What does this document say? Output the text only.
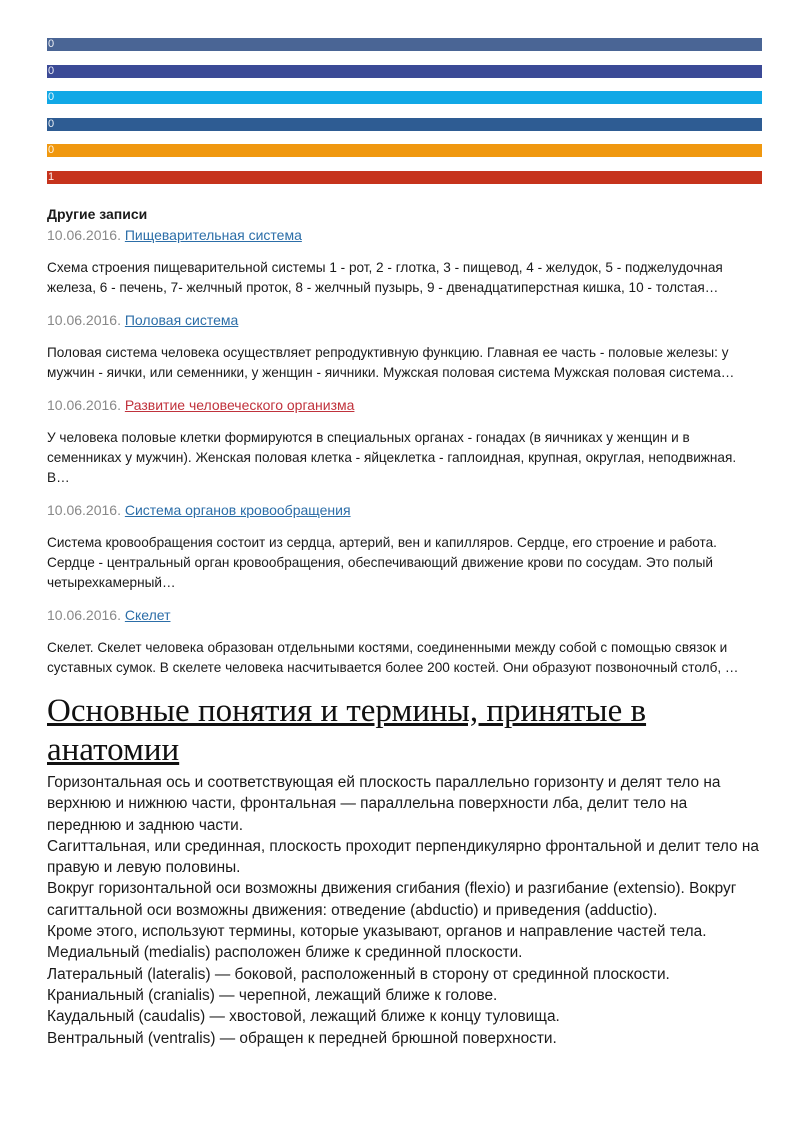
0
0
0
0
0
1
Другие записи
10.06.2016. Пищеварительная система
Схема строения пищеварительной системы 1 - рот, 2 - глотка, 3 - пищевод, 4 - желудок, 5 - поджелудочная железа, 6 - печень, 7- желчный проток, 8 - желчный пузырь, 9 - двенадцатиперстная кишка, 10 - толстая…
10.06.2016. Половая система
Половая система человека осуществляет репродуктивную функцию. Главная ее часть - половые железы: у мужчин - яички, или семенники, у женщин - яичники. Мужская половая система Мужская половая система…
10.06.2016. Развитие человеческого организма
У человека половые клетки формируются в специальных органах - гонадах (в яичниках у женщин и в семенниках у мужчин). Женская половая клетка - яйцеклетка - гаплоидная, крупная, округлая, неподвижная. В…
10.06.2016. Система органов кровообращения
Система кровообращения состоит из сердца, артерий, вен и капилляров. Сердце, его строение и работа. Сердце - центральный орган кровообращения, обеспечивающий движение крови по сосудам. Это полый четырехкамерный…
10.06.2016. Скелет
Скелет. Скелет человека образован отдельными костями, соединенными между собой с помощью связок и суставных сумок. В скелете человека насчитывается более 200 костей. Они образуют позвоночный столб, …
Основные понятия и термины, принятые в анатомии

Горизонтальная ось и соответствующая ей плоскость параллельно горизонту и делят тело на верхнюю и нижнюю части, фронтальная — параллельна поверхности лба, делит тело на переднюю и заднюю части.

Сагиттальная, или срединная, плоскость проходит перпендикулярно фронтальной и делит тело на правую и левую половины.

Вокруг горизонтальной оси возможны движения сгибания (flexio) и разгибание (extensio). Вокруг сагиттальной оси возможны движения: отведение (abductio) и приведения (adductio).

Кроме этого, используют термины, которые указывают, органов и направление частей тела.

Медиальный (medialis) расположен ближе к срединной плоскости.

Латеральный (lateralis) — боковой, расположенный в сторону от срединной плоскости.

Краниальный (cranialis) — черепной, лежащий ближе к голове.

Каудальный (caudalis) — хвостовой, лежащий ближе к концу туловища.

Вентральный (ventralis) — обращен к передней брюшной поверхности.
